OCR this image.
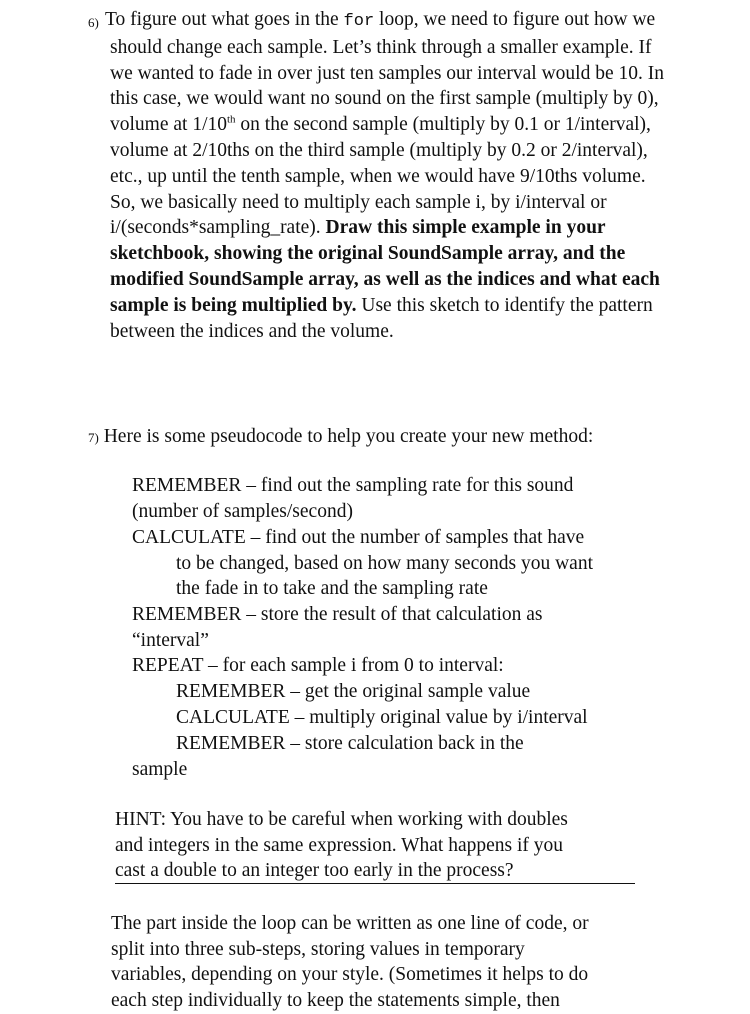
6) To figure out what goes in the for loop, we need to figure out how we should change each sample. Let’s think through a smaller example. If we wanted to fade in over just ten samples our interval would be 10. In this case, we would want no sound on the first sample (multiply by 0), volume at 1/10th on the second sample (multiply by 0.1 or 1/interval), volume at 2/10ths on the third sample (multiply by 0.2 or 2/interval), etc., up until the tenth sample, when we would have 9/10ths volume. So, we basically need to multiply each sample i, by i/interval or i/(seconds*sampling_rate). Draw this simple example in your sketchbook, showing the original SoundSample array, and the modified SoundSample array, as well as the indices and what each sample is being multiplied by. Use this sketch to identify the pattern between the indices and the volume.

7) Here is some pseudocode to help you create your new method:
REMEMBER – find out the sampling rate for this sound
(number of samples/second)
CALCULATE – find out the number of samples that have
to be changed, based on how many seconds you want
the fade in to take and the sampling rate
REMEMBER – store the result of that calculation as
“interval”
REPEAT – for each sample i from 0 to interval:
REMEMBER – get the original sample value
CALCULATE – multiply original value by i/interval
REMEMBER – store calculation back in the
sample
HINT: You have to be careful when working with doubles
and integers in the same expression. What happens if you
cast a double to an integer too early in the process?
The part inside the loop can be written as one line of code, or
split into three sub-steps, storing values in temporary
variables, depending on your style. (Sometimes it helps to do
each step individually to keep the statements simple, then
